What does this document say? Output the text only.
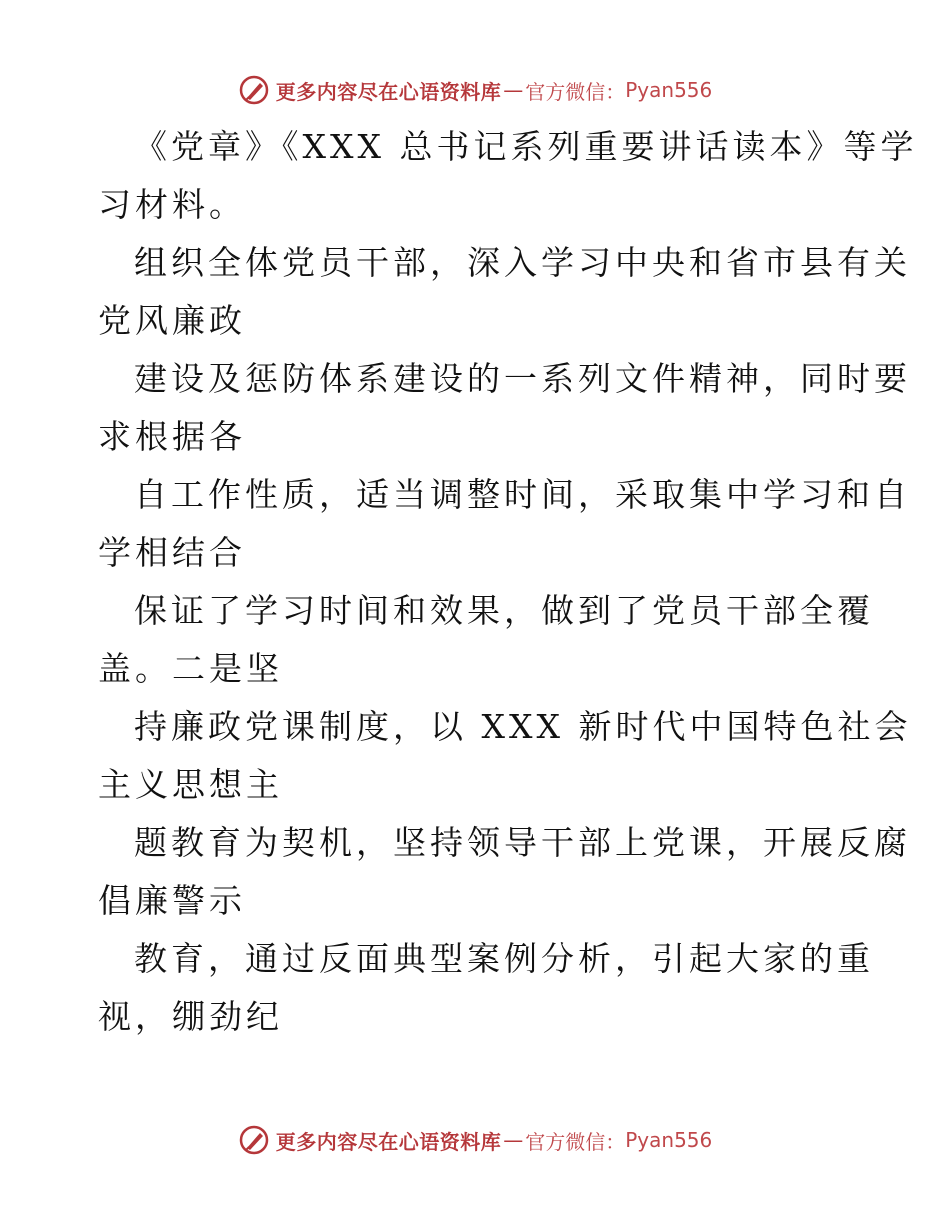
更多内容尽在心语资料库 — 官方微信： Pyan556
《党章》《XXX 总书记系列重要讲话读本》等学
习材料。
组织全体党员干部，深入学习中央和省市县有关
党风廉政
建设及惩防体系建设的一系列文件精神，同时要
求根据各
自工作性质，适当调整时间，采取集中学习和自
学相结合
保证了学习时间和效果，做到了党员干部全覆
盖。二是坚
持廉政党课制度，以 XXX 新时代中国特色社会
主义思想主
题教育为契机，坚持领导干部上党课，开展反腐
倡廉警示
教育，通过反面典型案例分析，引起大家的重
视，绷劲纪
更多内容尽在心语资料库 — 官方微信： Pyan556
